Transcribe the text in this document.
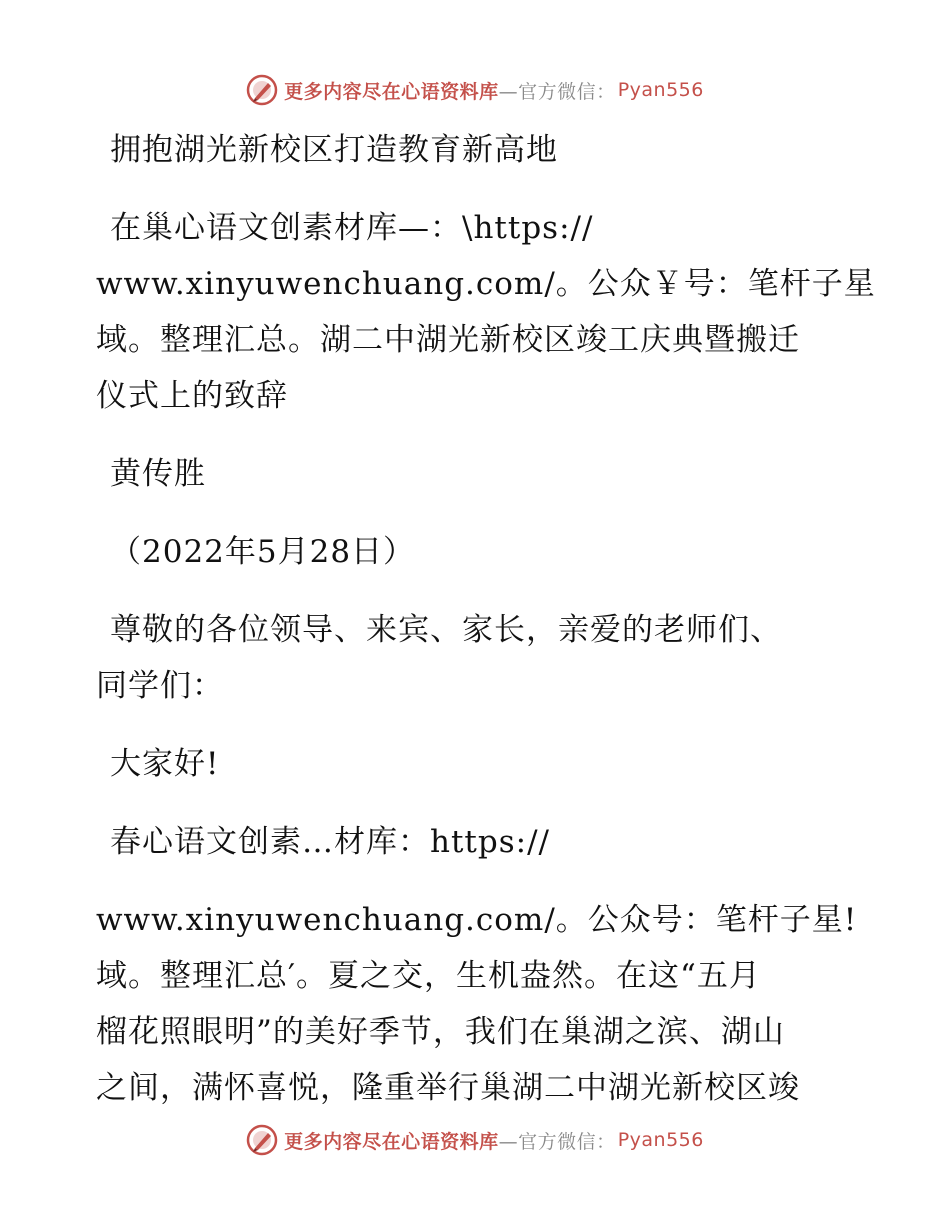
更多内容尽在心语资料库 —官方微信： Pyan556
拥抱湖光新校区打造教育新高地
在巢心语文创素材库—：\https://
www.xinyuwenchuang.com/。公众￥号：笔杆子星
域。整理汇总。湖二中湖光新校区竣工庆典暨搬迁
仪式上的致辞
黄传胜
（2022年5月28日）
尊敬的各位领导、来宾、家长，亲爱的老师们、
同学们：
大家好!
春心语文创素…材库：https://
www.xinyuwenchuang.com/。公众号：笔杆子星!
域。整理汇总′。夏之交，生机盎然。在这“五月
榴花照眼明”的美好季节，我们在巢湖之滨、湖山
之间，满怀喜悦，隆重举行巢湖二中湖光新校区竣
更多内容尽在心语资料库 —官方微信： Pyan556
